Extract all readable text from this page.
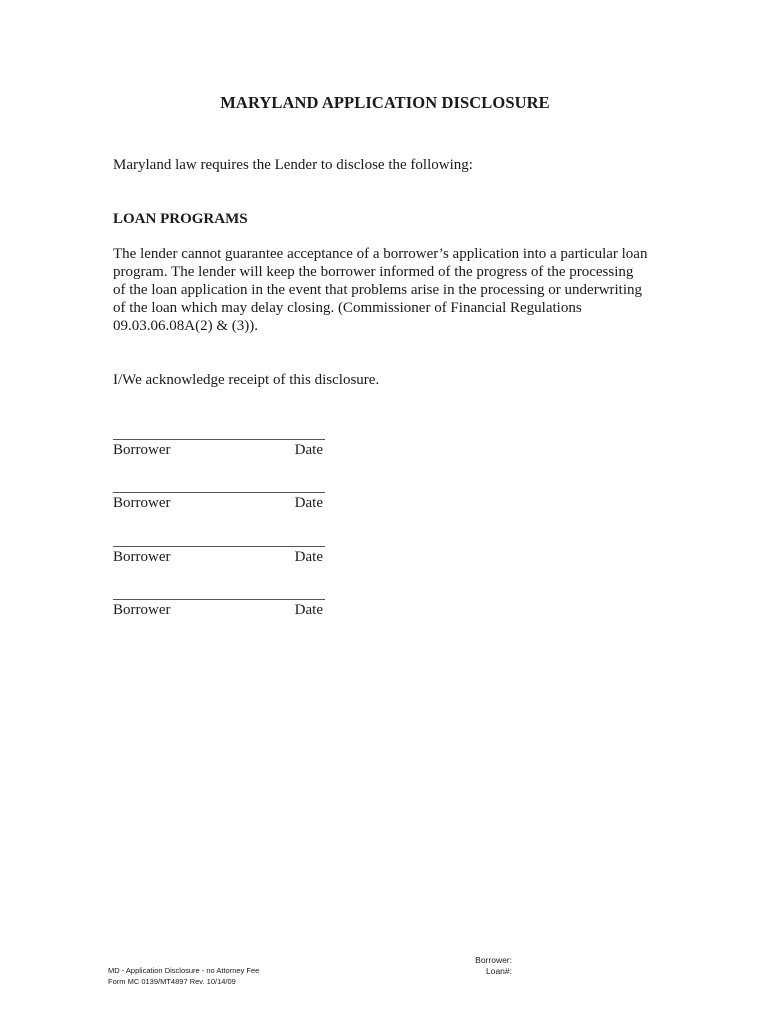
MARYLAND APPLICATION DISCLOSURE
Maryland law requires the Lender to disclose the following:
LOAN PROGRAMS
The lender cannot guarantee acceptance of a borrower’s application into a particular loan
program. The lender will keep the borrower informed of the progress of the processing
of the loan application in the event that problems arise in the processing or underwriting
of the loan which may delay closing. (Commissioner of Financial Regulations
09.03.06.08A(2) & (3)).
I/We acknowledge receipt of this disclosure.
Borrower	Date
Borrower	Date
Borrower	Date
Borrower	Date
MD - Application Disclosure - no Attorney Fee
Form MC 0139/MT4897 Rev. 10/14/09
Borrower:
Loan#:
